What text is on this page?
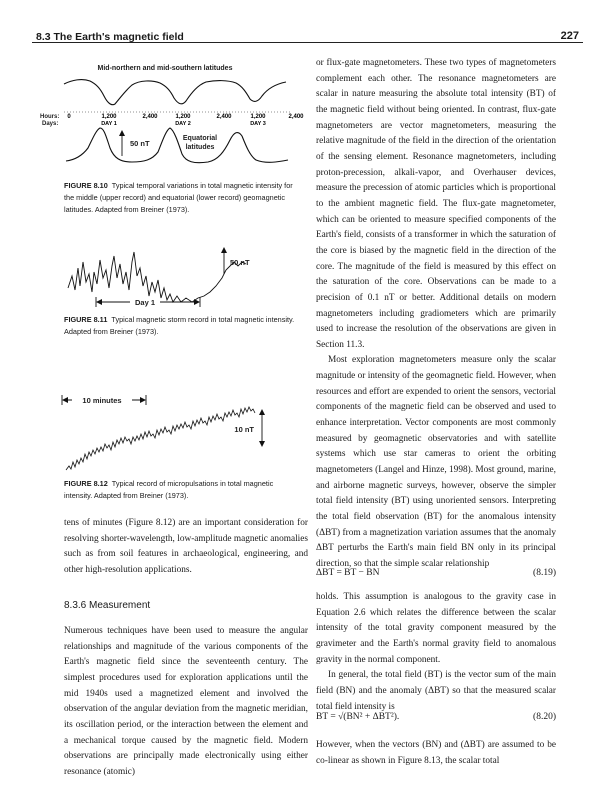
8.3 The Earth's magnetic field	227
Mid-northern and mid-southern latitudes
Hours:
Days:
0	1,200	2,400	1,200	2,400	1,200	2,400
DAY 1	DAY 2	DAY 3
50 nT
Equatorial
latitudes
FIGURE 8.10 Typical temporal variations in total magnetic intensity for the middle (upper record) and equatorial (lower record) geomagnetic latitudes. Adapted from Breiner (1973).
50 nT
Day 1
FIGURE 8.11 Typical magnetic storm record in total magnetic intensity. Adapted from Breiner (1973).
10 minutes
10 nT
FIGURE 8.12 Typical record of micropulsations in total magnetic intensity. Adapted from Breiner (1973).

tens of minutes (Figure 8.12) are an important consideration for resolving shorter-wavelength, low-amplitude magnetic anomalies such as from soil features in archaeological, engineering, and other high-resolution applications.

8.3.6 Measurement

Numerous techniques have been used to measure the angular relationships and magnitude of the various components of the Earth's magnetic field since the seventeenth century. The simplest procedures used for exploration applications until the mid 1940s used a magnetized element and involved the observation of the angular deviation from the magnetic meridian, its oscillation period, or the interaction between the element and a mechanical torque caused by the magnetic field. Modern observations are principally made electronically using either resonance (atomic)

or flux-gate magnetometers. These two types of magnetometers complement each other. The resonance magnetometers are scalar in nature measuring the absolute total intensity (BT) of the magnetic field without being oriented. In contrast, flux-gate magnetometers are vector magnetometers, measuring the relative magnitude of the field in the direction of the orientation of the sensing element. Resonance magnetometers, including proton-precession, alkali-vapor, and Overhauser devices, measure the precession of atomic particles which is proportional to the ambient magnetic field. The flux-gate magnetometer, which can be oriented to measure specified components of the Earth's field, consists of a transformer in which the saturation of the core is biased by the magnetic field in the direction of the core. The magnitude of the field is measured by this effect on the saturation of the core. Observations can be made to a precision of 0.1 nT or better. Additional details on modern magnetometers including gradiometers which are primarily used to increase the resolution of the observations are given in Section 11.3.

Most exploration magnetometers measure only the scalar magnitude or intensity of the geomagnetic field. However, when resources and effort are expended to orient the sensors, vectorial components of the magnetic field can be observed and used to enhance interpretation. Vector components are most commonly measured by geomagnetic observatories and with satellite systems which use star cameras to orient the orbiting magnetometers (Langel and Hinze, 1998). Most ground, marine, and airborne magnetic surveys, however, observe the simpler total field intensity (BT) using unoriented sensors. Interpreting the total field observation (BT) for the anomalous intensity (ΔBT) from a magnetization variation assumes that the anomaly ΔBT perturbs the Earth's main field BN only in its principal direction, so that the simple scalar relationship

ΔBT = BT − BN	(8.19)

holds. This assumption is analogous to the gravity case in Equation 2.6 which relates the difference between the scalar intensity of the total gravity component measured by the gravimeter and the Earth's normal gravity field to anomalous gravity in the normal component.

In general, the total field (BT) is the vector sum of the main field (BN) and the anomaly (ΔBT) so that the measured scalar total field intensity is

BT = √(BN² + ΔBT²).	(8.20)

However, when the vectors (BN) and (ΔBT) are assumed to be co-linear as shown in Figure 8.13, the scalar total
